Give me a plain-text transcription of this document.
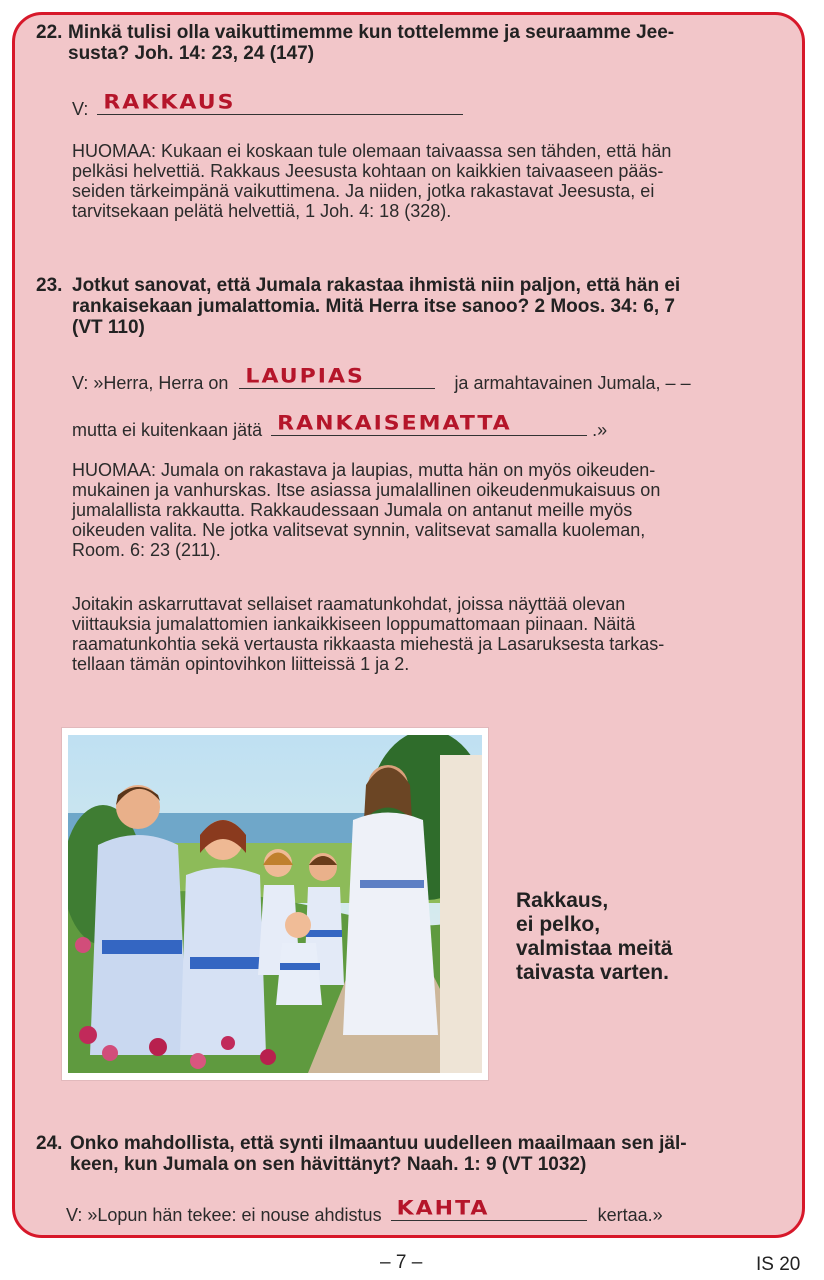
22. Minkä tulisi olla vaikuttimemme kun tottelemme ja seuraamme Jee-
susta? Joh. 14: 23, 24 (147)
V: RAKKAUS
HUOMAA: Kukaan ei koskaan tule olemaan taivaassa sen tähden, että hän
pelkäsi helvettiä. Rakkaus Jeesusta kohtaan on kaikkien taivaaseen pääs-
seiden tärkeimpänä vaikuttimena. Ja niiden, jotka rakastavat Jeesusta, ei
tarvitsekaan pelätä helvettiä, 1 Joh. 4: 18 (328).
23. Jotkut sanovat, että Jumala rakastaa ihmistä niin paljon, että hän ei
rankaisekaan jumalattomia. Mitä Herra itse sanoo? 2 Moos. 34: 6, 7
(VT 110)
V: »Herra, Herra on LAUPIAS	ja armahtavainen Jumala, – –
mutta ei kuitenkaan jätä RANKAISEMATTA	.»
HUOMAA: Jumala on rakastava ja laupias, mutta hän on myös oikeuden-
mukainen ja vanhurskas. Itse asiassa jumalallinen oikeudenmukaisuus on
jumalallista rakkautta. Rakkaudessaan Jumala on antanut meille myös
oikeuden valita. Ne jotka valitsevat synnin, valitsevat samalla kuoleman,
Room. 6: 23 (211).
Joitakin askarruttavat sellaiset raamatunkohdat, joissa näyttää olevan
viittauksia jumalattomien iankaikkiseen loppumattomaan piinaan. Näitä
raamatunkohtia sekä vertausta rikkaasta miehestä ja Lasaruksesta tarkas-
tellaan tämän opintovihkon liitteissä 1 ja 2.
Rakkaus,
ei pelko,
valmistaa meitä
taivasta varten.
24. Onko mahdollista, että synti ilmaantuu uudelleen maailmaan sen jäl-
keen, kun Jumala on sen hävittänyt? Naah. 1: 9 (VT 1032)
V: »Lopun hän tekee: ei nouse ahdistus KAHTA	kertaa.»
– 7 –	IS 20
